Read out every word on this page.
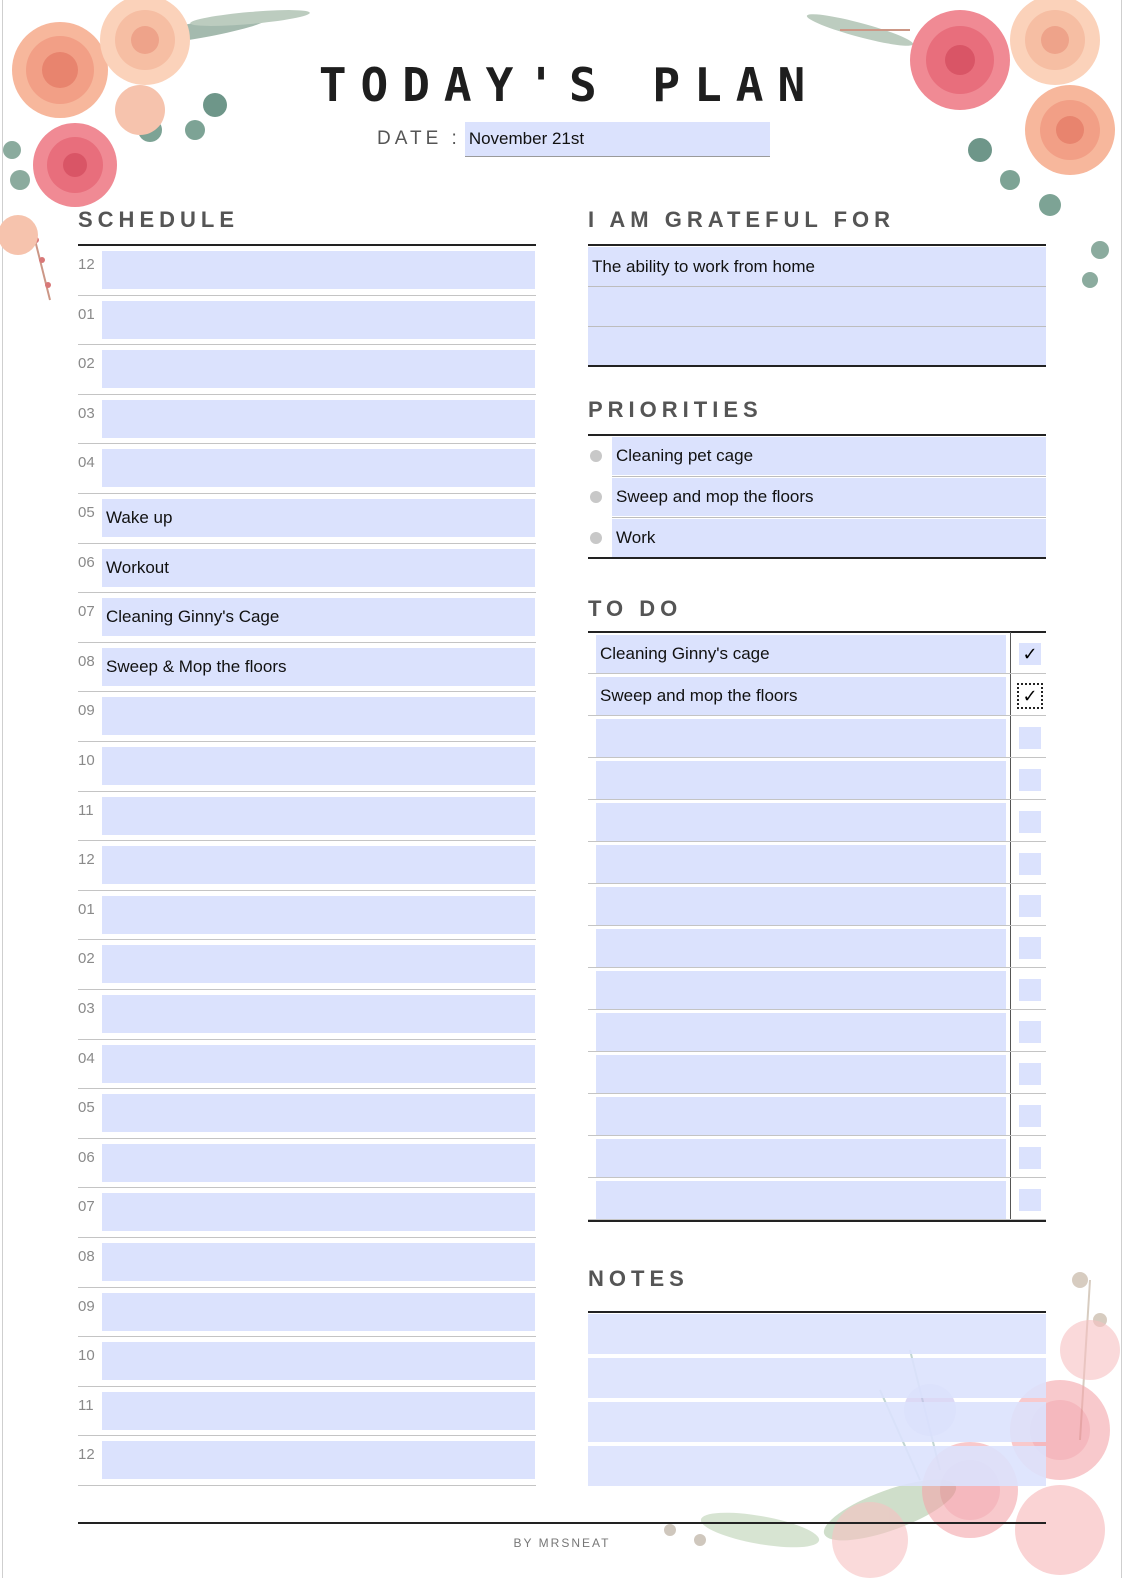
TODAY'S PLAN
DATE : November 21st
SCHEDULE
12
01
02
03
04
05 Wake up
06 Workout
07 Cleaning Ginny's Cage
08 Sweep & Mop the floors
09
10
11
12
01
02
03
04
05
06
07
08
09
10
11
12
I AM GRATEFUL FOR
The ability to work from home
PRIORITIES
Cleaning pet cage
Sweep and mop the floors
Work
TO DO
Cleaning Ginny's cage	✓
Sweep and mop the floors	✓
NOTES
BY MRSNEAT
